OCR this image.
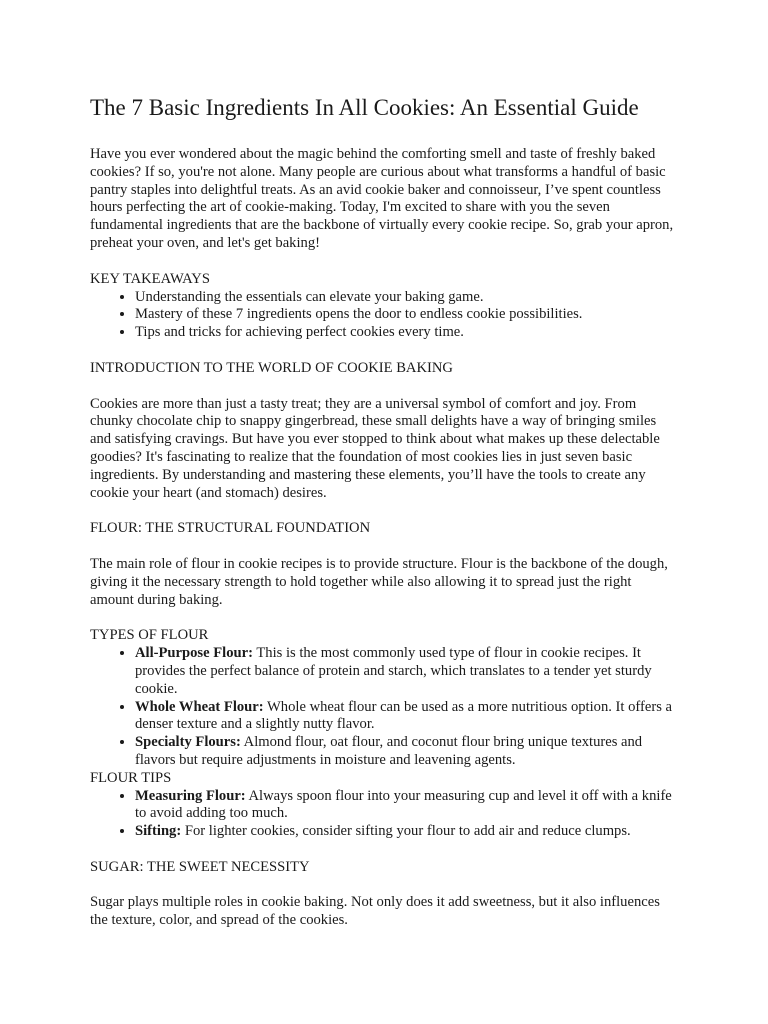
The 7 Basic Ingredients In All Cookies: An Essential Guide

Have you ever wondered about the magic behind the comforting smell and taste of freshly baked cookies? If so, you're not alone. Many people are curious about what transforms a handful of basic pantry staples into delightful treats. As an avid cookie baker and connoisseur, I’ve spent countless hours perfecting the art of cookie-making. Today, I'm excited to share with you the seven fundamental ingredients that are the backbone of virtually every cookie recipe. So, grab your apron, preheat your oven, and let's get baking!

KEY TAKEAWAYS
• Understanding the essentials can elevate your baking game.
• Mastery of these 7 ingredients opens the door to endless cookie possibilities.
• Tips and tricks for achieving perfect cookies every time.
INTRODUCTION TO THE WORLD OF COOKIE BAKING

Cookies are more than just a tasty treat; they are a universal symbol of comfort and joy. From chunky chocolate chip to snappy gingerbread, these small delights have a way of bringing smiles and satisfying cravings. But have you ever stopped to think about what makes up these delectable goodies? It's fascinating to realize that the foundation of most cookies lies in just seven basic ingredients. By understanding and mastering these elements, you’ll have the tools to create any cookie your heart (and stomach) desires.

FLOUR: THE STRUCTURAL FOUNDATION

The main role of flour in cookie recipes is to provide structure. Flour is the backbone of the dough, giving it the necessary strength to hold together while also allowing it to spread just the right amount during baking.

TYPES OF FLOUR
• All-Purpose Flour: This is the most commonly used type of flour in cookie recipes. It provides the perfect balance of protein and starch, which translates to a tender yet sturdy cookie.
• Whole Wheat Flour: Whole wheat flour can be used as a more nutritious option. It offers a denser texture and a slightly nutty flavor.
• Specialty Flours: Almond flour, oat flour, and coconut flour bring unique textures and flavors but require adjustments in moisture and leavening agents.
FLOUR TIPS
• Measuring Flour: Always spoon flour into your measuring cup and level it off with a knife to avoid adding too much.
• Sifting: For lighter cookies, consider sifting your flour to add air and reduce clumps.
SUGAR: THE SWEET NECESSITY

Sugar plays multiple roles in cookie baking. Not only does it add sweetness, but it also influences the texture, color, and spread of the cookies.
